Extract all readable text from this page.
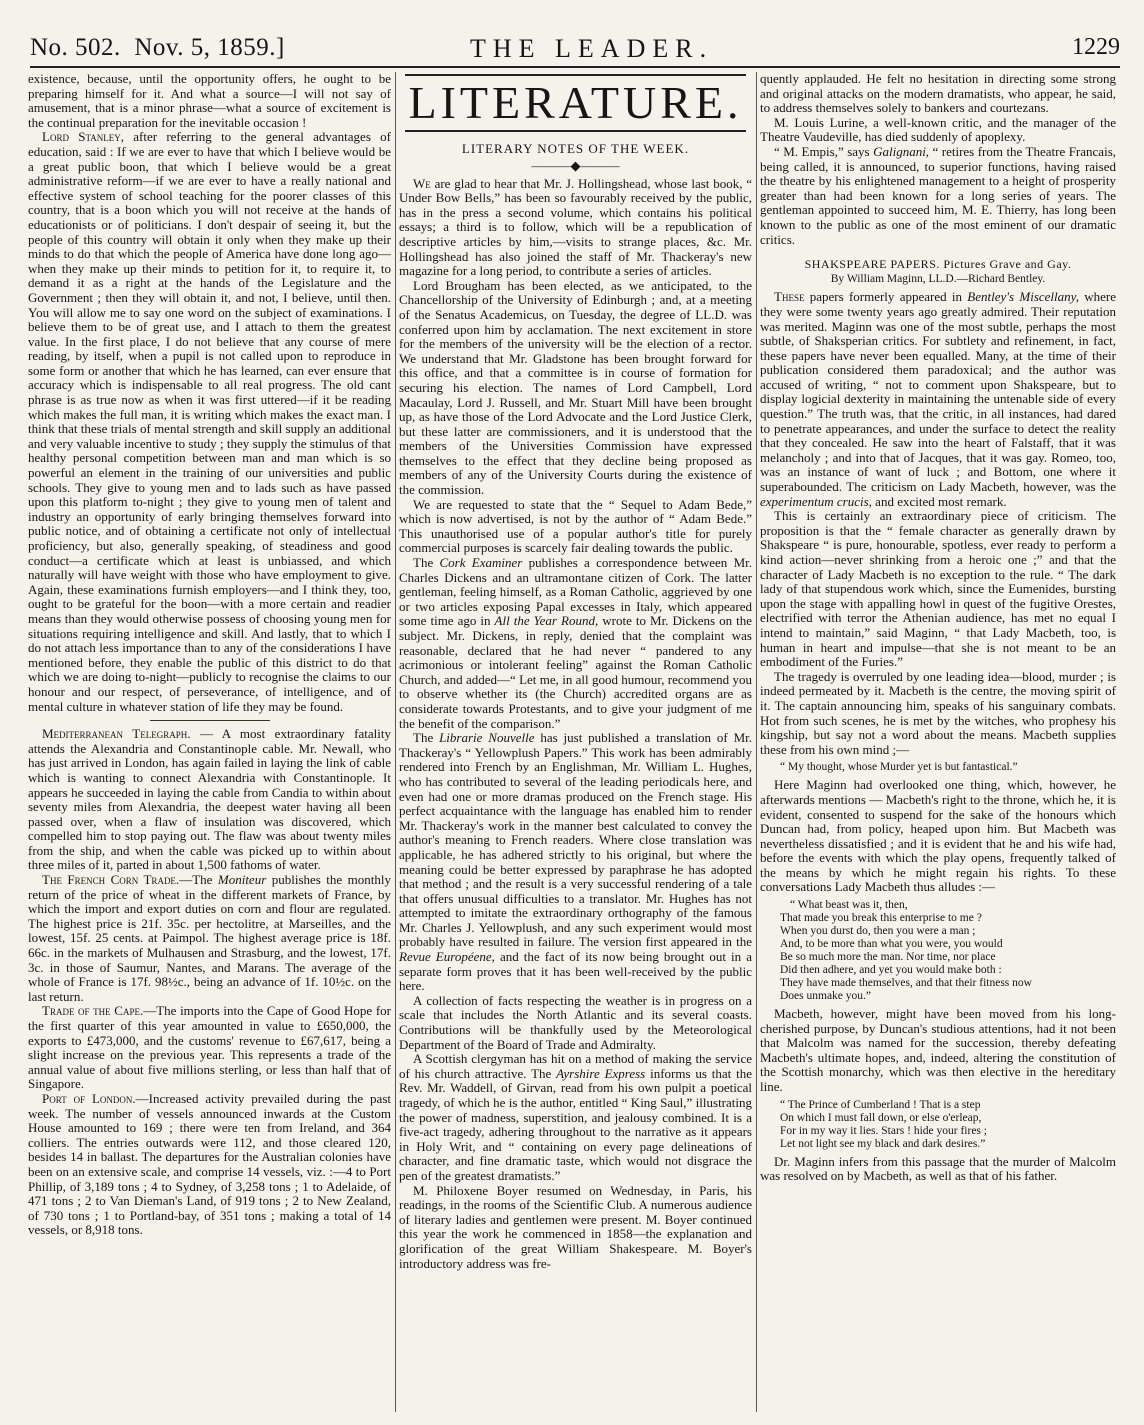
No. 502. Nov. 5, 1859.]	THE LEADER.	1229

existence, because, until the opportunity offers, he ought to be preparing himself for it. And what a source—I will not say of amusement, that is a minor phrase—what a source of excitement is the continual preparation for the inevitable occasion !

Lord Stanley, after referring to the general advantages of education, said : If we are ever to have that which I believe would be a great public boon, that which I believe would be a great administrative reform—if we are ever to have a really national and effective system of school teaching for the poorer classes of this country, that is a boon which you will not receive at the hands of educationists or of politicians. I don't despair of seeing it, but the people of this country will obtain it only when they make up their minds to do that which the people of America have done long ago—when they make up their minds to petition for it, to require it, to demand it as a right at the hands of the Legislature and the Government ; then they will obtain it, and not, I believe, until then. You will allow me to say one word on the subject of examinations. I believe them to be of great use, and I attach to them the greatest value. In the first place, I do not believe that any course of mere reading, by itself, when a pupil is not called upon to reproduce in some form or another that which he has learned, can ever ensure that accuracy which is indispensable to all real progress. The old cant phrase is as true now as when it was first uttered—if it be reading which makes the full man, it is writing which makes the exact man. I think that these trials of mental strength and skill supply an additional and very valuable incentive to study ; they supply the stimulus of that healthy personal competition between man and man which is so powerful an element in the training of our universities and public schools. They give to young men and to lads such as have passed upon this platform to-night ; they give to young men of talent and industry an opportunity of early bringing themselves forward into public notice, and of obtaining a certificate not only of intellectual proficiency, but also, generally speaking, of steadiness and good conduct—a certificate which at least is unbiassed, and which naturally will have weight with those who have employment to give. Again, these examinations furnish employers—and I think they, too, ought to be grateful for the boon—with a more certain and readier means than they would otherwise possess of choosing young men for situations requiring intelligence and skill. And lastly, that to which I do not attach less importance than to any of the considerations I have mentioned before, they enable the public of this district to do that which we are doing to-night—publicly to recognise the claims to our honour and our respect, of perseverance, of intelligence, and of mental culture in whatever station of life they may be found.

Mediterranean Telegraph. — A most extraordinary fatality attends the Alexandria and Constantinople cable. Mr. Newall, who has just arrived in London, has again failed in laying the link of cable which is wanting to connect Alexandria with Constantinople. It appears he succeeded in laying the cable from Candia to within about seventy miles from Alexandria, the deepest water having all been passed over, when a flaw of insulation was discovered, which compelled him to stop paying out. The flaw was about twenty miles from the ship, and when the cable was picked up to within about three miles of it, parted in about 1,500 fathoms of water.

The French Corn Trade.—The Moniteur publishes the monthly return of the price of wheat in the different markets of France, by which the import and export duties on corn and flour are regulated. The highest price is 21f. 35c. per hectolitre, at Marseilles, and the lowest, 15f. 25 cents. at Paimpol. The highest average price is 18f. 66c. in the markets of Mulhausen and Strasburg, and the lowest, 17f. 3c. in those of Saumur, Nantes, and Marans. The average of the whole of France is 17f. 98½c., being an advance of 1f. 10½c. on the last return.

Trade of the Cape.—The imports into the Cape of Good Hope for the first quarter of this year amounted in value to £650,000, the exports to £473,000, and the customs' revenue to £67,617, being a slight increase on the previous year. This represents a trade of the annual value of about five millions sterling, or less than half that of Singapore.

Port of London.—Increased activity prevailed during the past week. The number of vessels announced inwards at the Custom House amounted to 169 ; there were ten from Ireland, and 364 colliers. The entries outwards were 112, and those cleared 120, besides 14 in ballast. The departures for the Australian colonies have been on an extensive scale, and comprise 14 vessels, viz. :—4 to Port Phillip, of 3,189 tons ; 4 to Sydney, of 3,258 tons ; 1 to Adelaide, of 471 tons ; 2 to Van Dieman's Land, of 919 tons ; 2 to New Zealand, of 730 tons ; 1 to Portland-bay, of 351 tons ; making a total of 14 vessels, or 8,918 tons.

LITERATURE.
LITERARY NOTES OF THE WEEK.
———◆———

We are glad to hear that Mr. J. Hollingshead, whose last book, “ Under Bow Bells,” has been so favourably received by the public, has in the press a second volume, which contains his political essays; a third is to follow, which will be a republication of descriptive articles by him,—visits to strange places, &c. Mr. Hollingshead has also joined the staff of Mr. Thackeray's new magazine for a long period, to contribute a series of articles.

Lord Brougham has been elected, as we anticipated, to the Chancellorship of the University of Edinburgh ; and, at a meeting of the Senatus Academicus, on Tuesday, the degree of LL.D. was conferred upon him by acclamation. The next excitement in store for the members of the university will be the election of a rector. We understand that Mr. Gladstone has been brought forward for this office, and that a committee is in course of formation for securing his election. The names of Lord Campbell, Lord Macaulay, Lord J. Russell, and Mr. Stuart Mill have been brought up, as have those of the Lord Advocate and the Lord Justice Clerk, but these latter are commissioners, and it is understood that the members of the Universities Commission have expressed themselves to the effect that they decline being proposed as members of any of the University Courts during the existence of the commission.

We are requested to state that the “ Sequel to Adam Bede,” which is now advertised, is not by the author of “ Adam Bede.” This unauthorised use of a popular author's title for purely commercial purposes is scarcely fair dealing towards the public.

The Cork Examiner publishes a correspondence between Mr. Charles Dickens and an ultramontane citizen of Cork. The latter gentleman, feeling himself, as a Roman Catholic, aggrieved by one or two articles exposing Papal excesses in Italy, which appeared some time ago in All the Year Round, wrote to Mr. Dickens on the subject. Mr. Dickens, in reply, denied that the complaint was reasonable, declared that he had never “ pandered to any acrimonious or intolerant feeling” against the Roman Catholic Church, and added—“ Let me, in all good humour, recommend you to observe whether its (the Church) accredited organs are as considerate towards Protestants, and to give your judgment of me the benefit of the comparison.”

The Librarie Nouvelle has just published a translation of Mr. Thackeray's “ Yellowplush Papers.” This work has been admirably rendered into French by an Englishman, Mr. William L. Hughes, who has contributed to several of the leading periodicals here, and even had one or more dramas produced on the French stage. His perfect acquaintance with the language has enabled him to render Mr. Thackeray's work in the manner best calculated to convey the author's meaning to French readers. Where close translation was applicable, he has adhered strictly to his original, but where the meaning could be better expressed by paraphrase he has adopted that method ; and the result is a very successful rendering of a tale that offers unusual difficulties to a translator. Mr. Hughes has not attempted to imitate the extraordinary orthography of the famous Mr. Charles J. Yellowplush, and any such experiment would most probably have resulted in failure. The version first appeared in the Revue Européene, and the fact of its now being brought out in a separate form proves that it has been well-received by the public here.

A collection of facts respecting the weather is in progress on a scale that includes the North Atlantic and its several coasts. Contributions will be thankfully used by the Meteorological Department of the Board of Trade and Admiralty.

A Scottish clergyman has hit on a method of making the service of his church attractive. The Ayrshire Express informs us that the Rev. Mr. Waddell, of Girvan, read from his own pulpit a poetical tragedy, of which he is the author, entitled “ King Saul,” illustrating the power of madness, superstition, and jealousy combined. It is a five-act tragedy, adhering throughout to the narrative as it appears in Holy Writ, and “ containing on every page delineations of character, and fine dramatic taste, which would not disgrace the pen of the greatest dramatists.”

M. Philoxene Boyer resumed on Wednesday, in Paris, his readings, in the rooms of the Scientific Club. A numerous audience of literary ladies and gentlemen were present. M. Boyer continued this year the work he commenced in 1858—the explanation and glorification of the great William Shakespeare. M. Boyer's introductory address was fre-

quently applauded. He felt no hesitation in directing some strong and original attacks on the modern dramatists, who appear, he said, to address themselves solely to bankers and courtezans.

M. Louis Lurine, a well-known critic, and the manager of the Theatre Vaudeville, has died suddenly of apoplexy.

“ M. Empis,” says Galignani, “ retires from the Theatre Francais, being called, it is announced, to superior functions, having raised the theatre by his enlightened management to a height of prosperity greater than had been known for a long series of years. The gentleman appointed to succeed him, M. E. Thierry, has long been known to the public as one of the most eminent of our dramatic critics.

SHAKSPEARE PAPERS. Pictures Grave and Gay.
By William Maginn, LL.D.—Richard Bentley.

These papers formerly appeared in Bentley's Miscellany, where they were some twenty years ago greatly admired. Their reputation was merited. Maginn was one of the most subtle, perhaps the most subtle, of Shaksperian critics. For subtlety and refinement, in fact, these papers have never been equalled. Many, at the time of their publication considered them paradoxical; and the author was accused of writing, “ not to comment upon Shakspeare, but to display logicial dexterity in maintaining the untenable side of every question.” The truth was, that the critic, in all instances, had dared to penetrate appearances, and under the surface to detect the reality that they concealed. He saw into the heart of Falstaff, that it was melancholy ; and into that of Jacques, that it was gay. Romeo, too, was an instance of want of luck ; and Bottom, one where it superabounded. The criticism on Lady Macbeth, however, was the experimentum crucis, and excited most remark.

This is certainly an extraordinary piece of criticism. The proposition is that the “ female character as generally drawn by Shakspeare “ is pure, honourable, spotless, ever ready to perform a kind action—never shrinking from a heroic one ;” and that the character of Lady Macbeth is no exception to the rule. “ The dark lady of that stupendous work which, since the Eumenides, bursting upon the stage with appalling howl in quest of the fugitive Orestes, electrified with terror the Athenian audience, has met no equal I intend to maintain,” said Maginn, “ that Lady Macbeth, too, is human in heart and impulse—that she is not meant to be an embodiment of the Furies.”

The tragedy is overruled by one leading idea—blood, murder ; is indeed permeated by it. Macbeth is the centre, the moving spirit of it. The captain announcing him, speaks of his sanguinary combats. Hot from such scenes, he is met by the witches, who prophesy his kingship, but say not a word about the means. Macbeth supplies these from his own mind ;—

“ My thought, whose Murder yet is but fantastical.”

Here Maginn had overlooked one thing, which, however, he afterwards mentions — Macbeth's right to the throne, which he, it is evident, consented to suspend for the sake of the honours which Duncan had, from policy, heaped upon him. But Macbeth was nevertheless dissatisfied ; and it is evident that he and his wife had, before the events with which the play opens, frequently talked of the means by which he might regain his rights. To these conversations Lady Macbeth thus alludes :—

“ What beast was it, then,
That made you break this enterprise to me ?
When you durst do, then you were a man ;
And, to be more than what you were, you would
Be so much more the man. Nor time, nor place
Did then adhere, and yet you would make both :
They have made themselves, and that their fitness now
Does unmake you.”

Macbeth, however, might have been moved from his long-cherished purpose, by Duncan's studious attentions, had it not been that Malcolm was named for the succession, thereby defeating Macbeth's ultimate hopes, and, indeed, altering the constitution of the Scottish monarchy, which was then elective in the hereditary line.

“ The Prince of Cumberland ! That is a step
On which I must fall down, or else o'erleap,
For in my way it lies. Stars ! hide your fires ;
Let not light see my black and dark desires.”

Dr. Maginn infers from this passage that the murder of Malcolm was resolved on by Macbeth, as well as that of his father.
